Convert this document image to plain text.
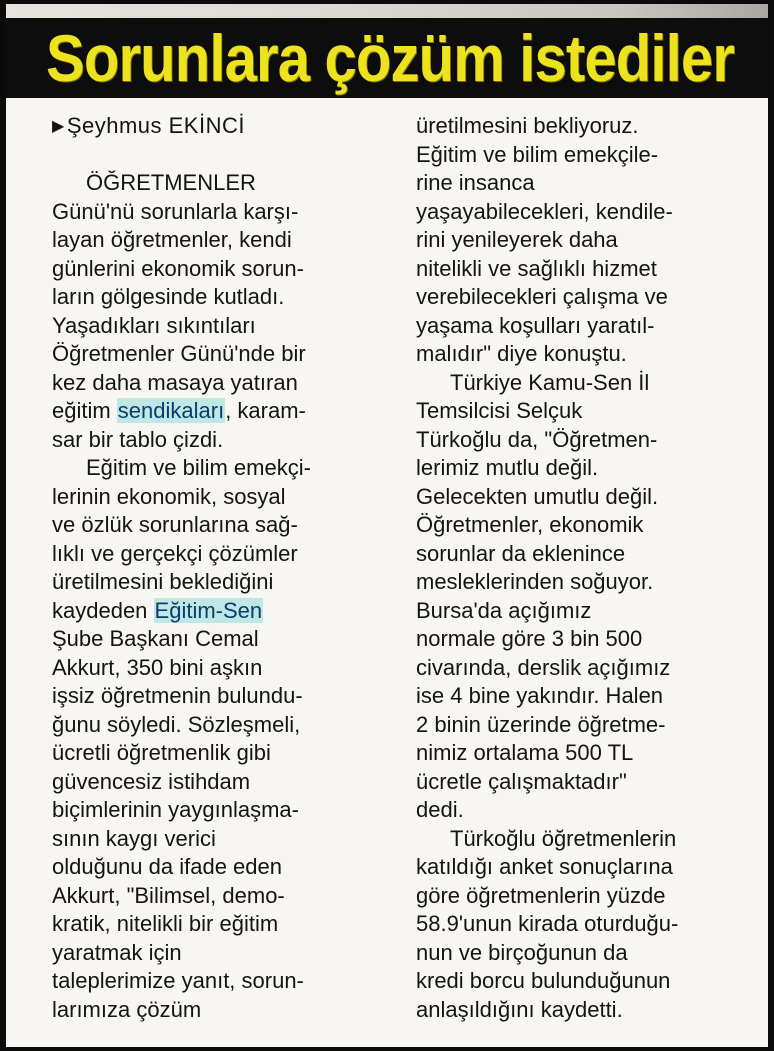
Sorunlara çözüm istediler
▶Şeyhmus EKİNCİ
ÖĞRETMENLER
Günü'nü sorunlarla karşı-
layan öğretmenler, kendi
günlerini ekonomik sorun-
ların gölgesinde kutladı.
Yaşadıkları sıkıntıları
Öğretmenler Günü'nde bir
kez daha masaya yatıran
eğitim sendikaları, karam-
sar bir tablo çizdi.
Eğitim ve bilim emekçi-
lerinin ekonomik, sosyal
ve özlük sorunlarına sağ-
lıklı ve gerçekçi çözümler
üretilmesini beklediğini
kaydeden Eğitim-Sen
Şube Başkanı Cemal
Akkurt, 350 bini aşkın
işsiz öğretmenin bulundu-
ğunu söyledi. Sözleşmeli,
ücretli öğretmenlik gibi
güvencesiz istihdam
biçimlerinin yaygınlaşma-
sının kaygı verici
olduğunu da ifade eden
Akkurt, "Bilimsel, demo-
kratik, nitelikli bir eğitim
yaratmak için
taleplerimize yanıt, sorun-
larımıza çözüm
üretilmesini bekliyoruz.
Eğitim ve bilim emekçile-
rine insanca
yaşayabilecekleri, kendile-
rini yenileyerek daha
nitelikli ve sağlıklı hizmet
verebilecekleri çalışma ve
yaşama koşulları yaratıl-
malıdır" diye konuştu.
Türkiye Kamu-Sen İl
Temsilcisi Selçuk
Türkoğlu da, "Öğretmen-
lerimiz mutlu değil.
Gelecekten umutlu değil.
Öğretmenler, ekonomik
sorunlar da eklenince
mesleklerinden soğuyor.
Bursa'da açığımız
normale göre 3 bin 500
civarında, derslik açığımız
ise 4 bine yakındır. Halen
2 binin üzerinde öğretme-
nimiz ortalama 500 TL
ücretle çalışmaktadır"
dedi.
Türkoğlu öğretmenlerin
katıldığı anket sonuçlarına
göre öğretmenlerin yüzde
58.9'unun kirada oturduğu-
nun ve birçoğunun da
kredi borcu bulunduğunun
anlaşıldığını kaydetti.
